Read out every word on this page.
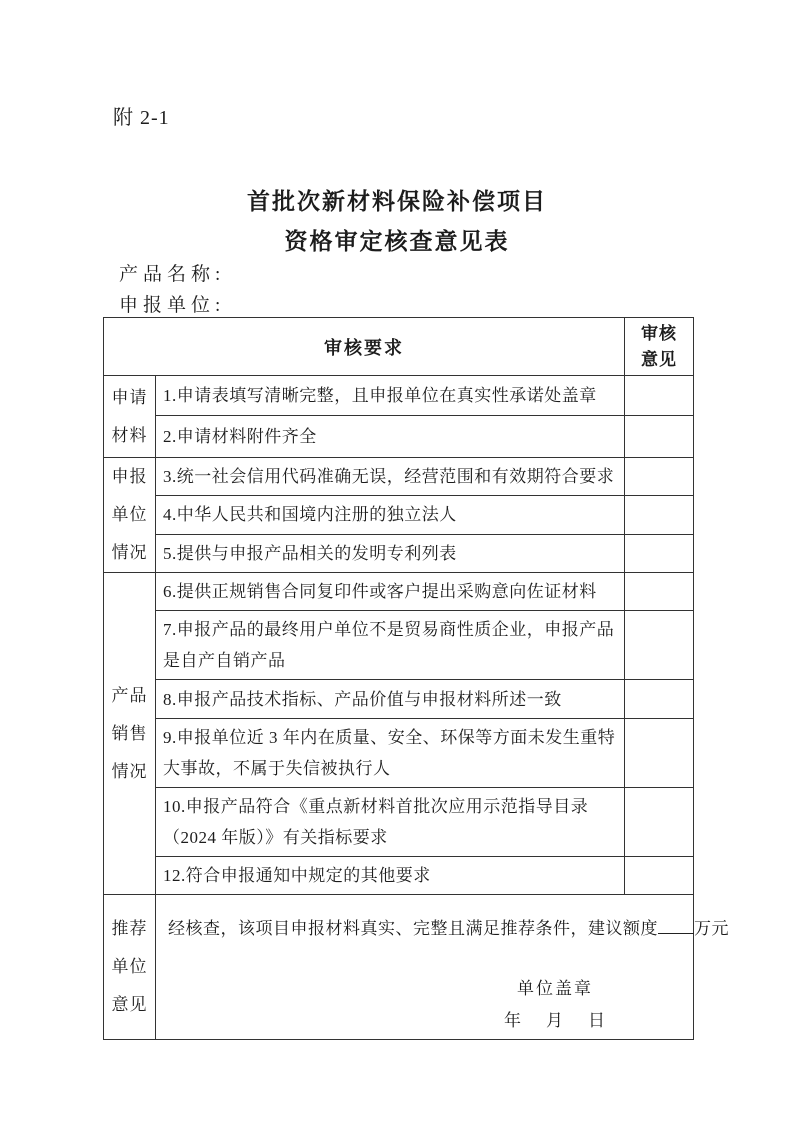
附 2-1
首批次新材料保险补偿项目
资格审定核查意见表
产品名称:
申报单位:
审核要求		审核
意见

申请
材料	1.申请表填写清晰完整，且申报单位在真实性承诺处盖章	
	2.申请材料附件齐全	

申报
单位
情况	3.统一社会信用代码准确无误，经营范围和有效期符合要求	
	4.中华人民共和国境内注册的独立法人	
	5.提供与申报产品相关的发明专利列表	

产品
销售
情况	6.提供正规销售合同复印件或客户提出采购意向佐证材料	
	7.申报产品的最终用户单位不是贸易商性质企业，申报产品是自产自销产品	
	8.申报产品技术指标、产品价值与申报材料所述一致	
	9.申报单位近 3 年内在质量、安全、环保等方面未发生重特大事故，不属于失信被执行人	
	10.申报产品符合《重点新材料首批次应用示范指导目录（2024 年版）》有关指标要求	
	12.符合申报通知中规定的其他要求	

推荐
单位
意见

经核查，该项目申报材料真实、完整且满足推荐条件，建议额度 万元
单位盖章
年 月 日
